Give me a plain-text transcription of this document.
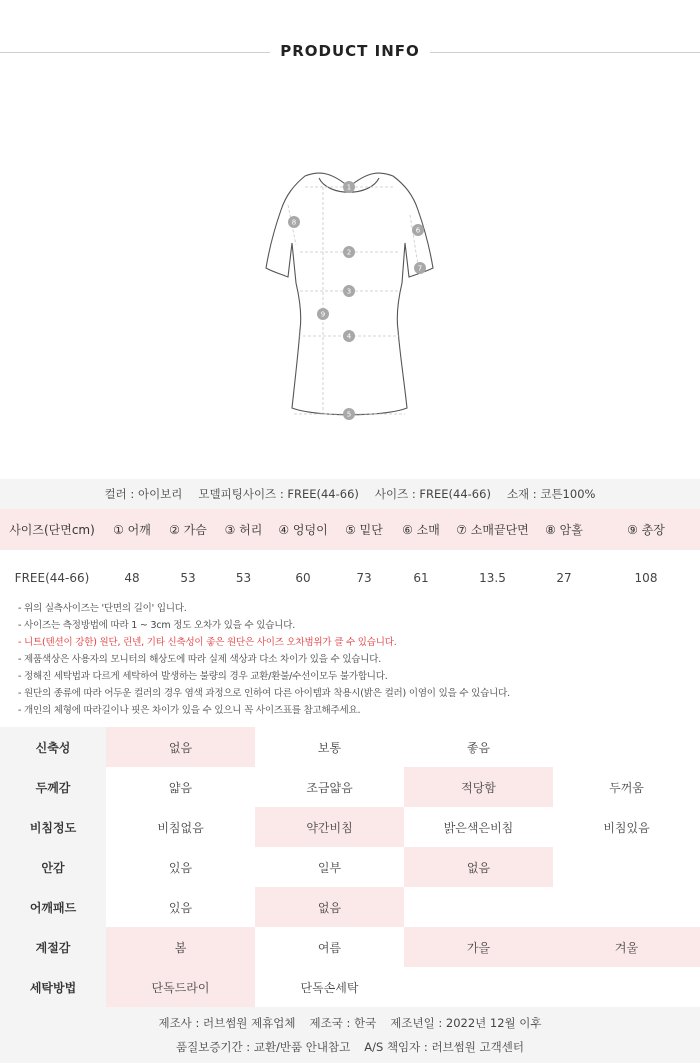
PRODUCT INFO
1
2
3
4
5
6
7
8
9
컬러 : 아이보리 모델피팅사이즈 : FREE(44-66) 사이즈 : FREE(44-66) 소재 : 코튼100%
사이즈(단면cm)	① 어깨	② 가슴	③ 허리	④ 엉덩이	⑤ 밑단	⑥ 소매	⑦ 소매끝단면	⑧ 암홀	⑨ 총장
FREE(44-66)	48	53	53	60	73	61	13.5	27	108

- 위의 실측사이즈는 '단면의 길이' 입니다.

- 사이즈는 측정방법에 따라 1 ~ 3cm 정도 오차가 있을 수 있습니다.

- 니트(텐션이 강한) 원단, 린넨, 기타 신축성이 좋은 원단은 사이즈 오차범위가 클 수 있습니다.

- 제품색상은 사용자의 모니터의 해상도에 따라 실제 색상과 다소 차이가 있을 수 있습니다.

- 정해진 세탁법과 다르게 세탁하여 발생하는 불량의 경우 교환/환불/수선이모두 불가합니다.

- 원단의 종류에 따라 어두운 컬러의 경우 염색 과정으로 인하여 다른 아이템과 착용시(밝은 컬러) 이염이 있을 수 있습니다.

- 개인의 체형에 따라길이나 핏은 차이가 있을 수 있으니 꼭 사이즈표를 참고해주세요.

신축성	없음	보통	좋음
두께감	얇음	조금얇음	적당함	두꺼움
비침정도	비침없음	약간비침	밝은색은비침	비침있음
안감	있음	일부	없음
어깨패드	있음	없음
계절감	봄	여름	가을	겨울
세탁방법	단독드라이	단독손세탁
제조사 : 러브썸원 제휴업체 제조국 : 한국 제조년일 : 2022년 12월 이후
품질보증기간 : 교환/반품 안내참고 A/S 책임자 : 러브썸원 고객센터
